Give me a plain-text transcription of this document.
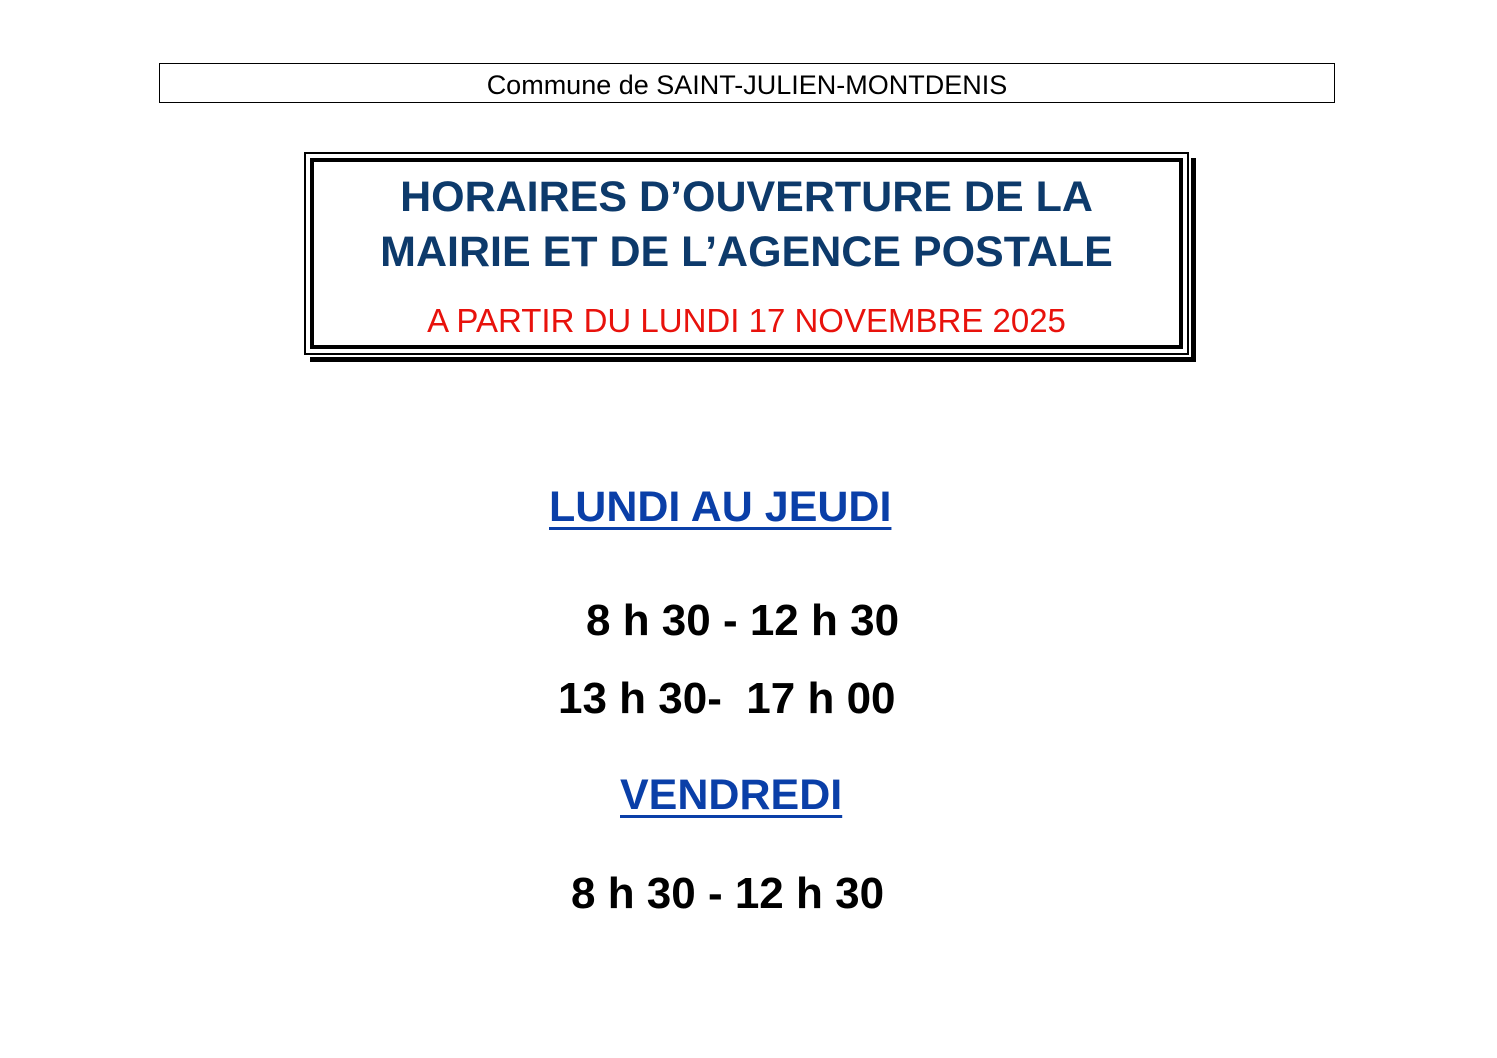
Commune de SAINT-JULIEN-MONTDENIS
HORAIRES D’OUVERTURE DE LA
MAIRIE ET DE L’AGENCE POSTALE
A PARTIR DU LUNDI 17 NOVEMBRE 2025
LUNDI AU JEUDI
8 h 30 - 12 h 30
13 h 30-  17 h 00
VENDREDI
8 h 30 - 12 h 30
